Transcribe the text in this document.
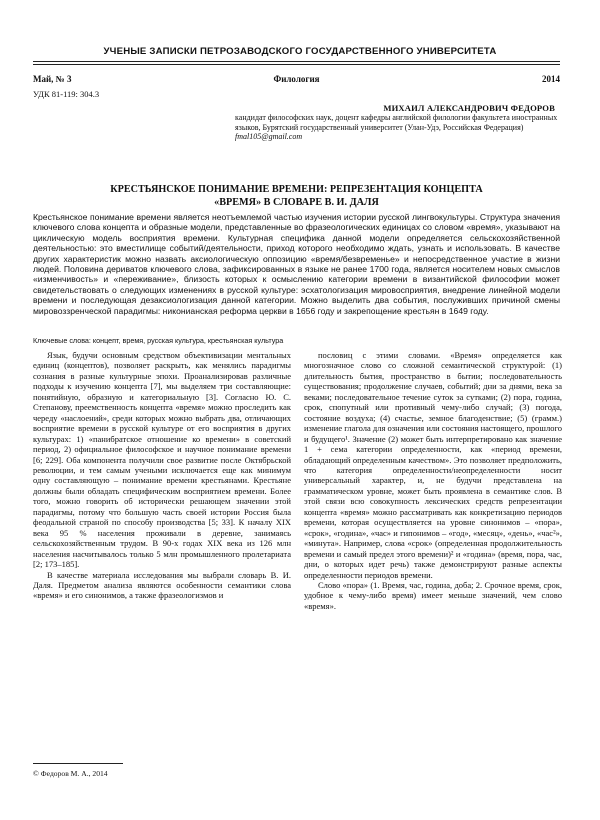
УЧЕНЫЕ ЗАПИСКИ ПЕТРОЗАВОДСКОГО ГОСУДАРСТВЕННОГО УНИВЕРСИТЕТА
Филология
Май, № 3	2014
УДК 81-119: 304.3
МИХАИЛ АЛЕКСАНДРОВИЧ ФЕДОРОВ
кандидат философских наук, доцент кафедры английской филологии факультета иностранных языков, Бурятский государственный университет (Улан-Удэ, Российская Федерация)
fmal105@gmail.com
КРЕСТЬЯНСКОЕ ПОНИМАНИЕ ВРЕМЕНИ: РЕПРЕЗЕНТАЦИЯ КОНЦЕПТА
«ВРЕМЯ» В СЛОВАРЕ В. И. ДАЛЯ
Крестьянское понимание времени является неотъемлемой частью изучения истории русской лингвокультуры. Структура значения ключевого слова концепта и образные модели, представленные во фразеологических единицах со словом «время», указывают на циклическую модель восприятия времени. Культурная специфика данной модели определяется сельскохозяйственной деятельностью: это вместилище событий/деятельности, приход которого необходимо ждать, узнать и использовать. В качестве других характеристик можно назвать аксиологическую оппозицию «время/безвременье» и непосредственное участие в жизни людей. Половина дериватов ключевого слова, зафиксированных в языке не ранее 1700 года, является носителем новых смыслов «изменчивость» и «переживание», близость которых к осмыслению категории времени в византийской философии может свидетельствовать о следующих изменениях в русской культуре: эсхатологизация мировосприятия, внедрение линейной модели времени и последующая дезаксиологизация данной категории. Можно выделить два события, послуживших причиной смены мировоззренческой парадигмы: никонианская реформа церкви в 1656 году и закрепощение крестьян в 1649 году.
Ключевые слова: концепт, время, русская культура, крестьянская культура

Язык, будучи основным средством объективизации ментальных единиц (концептов), позволяет раскрыть, как менялись парадигмы сознания в разные культурные эпохи. Проанализировав различные подходы к изучению концепта [7], мы выделяем три составляющие: понятийную, образную и категориальную [3]. Согласно Ю. С. Степанову, преемственность концепта «время» можно проследить как череду «наслоений», среди которых можно выбрать два, отличающих восприятие времени в русской культуре от его восприятия в других культурах: 1) «панибратское отношение ко времени» в советский период, 2) официальное философское и научное понимание времени [6; 229]. Оба компонента получили свое развитие после Октябрьской революции, и тем самым учеными исключается еще как минимум одну составляющую – понимание времени крестьянами. Крестьяне должны были обладать специфическим восприятием времени. Более того, можно говорить об исторически решающем значении этой парадигмы, потому что большую часть своей истории Россия была феодальной страной по способу производства [5; 33]. К началу XIX века 95 % населения проживали в деревне, занимаясь сельскохозяйственным трудом. В 90-х годах XIX века из 126 млн населения насчитывалось только 5 млн промышленного пролетариата [2; 173–185].

В качестве материала исследования мы выбрали словарь В. И. Даля. Предметом анализа являются особенности семантики слова «время» и его синонимов, а также фразеологизмов и

пословиц с этими словами. «Время» определяется как многозначное слово со сложной семантической структурой: (1) длительность бытия, пространство в бытии; последовательность существования; продолжение случаев, событий; дни за днями, века за веками; последовательное течение суток за сутками; (2) пора, година, срок, спопутный или противный чему-либо случай; (3) погода, состояние воздуха; (4) счастье, земное благоденствие; (5) (грамм.) изменение глагола для означения или состояния настоящего, прошлого и будущего¹. Значение (2) может быть интерпретировано как значение 1 + сема категории определенности, как «период времени, обладающий определенным качеством». Это позволяет предположить, что категория определенности/неопределенности носит универсальный характер, и, не будучи представлена на грамматическом уровне, может быть проявлена в семантике слов. В этой связи всю совокупность лексических средств репрезентации концепта «время» можно рассматривать как конкретизацию периодов времени, которая осуществляется на уровне синонимов – «пора», «срок», «година», «час» и гипонимов – «год», «месяц», «день», «час²», «минута». Например, слова «срок» (определенная продолжительность времени и самый предел этого времени)² и «година» (время, пора, час, дни, о которых идет речь) также демонстрируют разные аспекты определенности периодов времени.

Слово «пора» (1. Время, час, година, доба; 2. Срочное время, срок, удобное к чему-либо время) имеет меньше значений, чем слово «время».

© Федоров М. А., 2014
